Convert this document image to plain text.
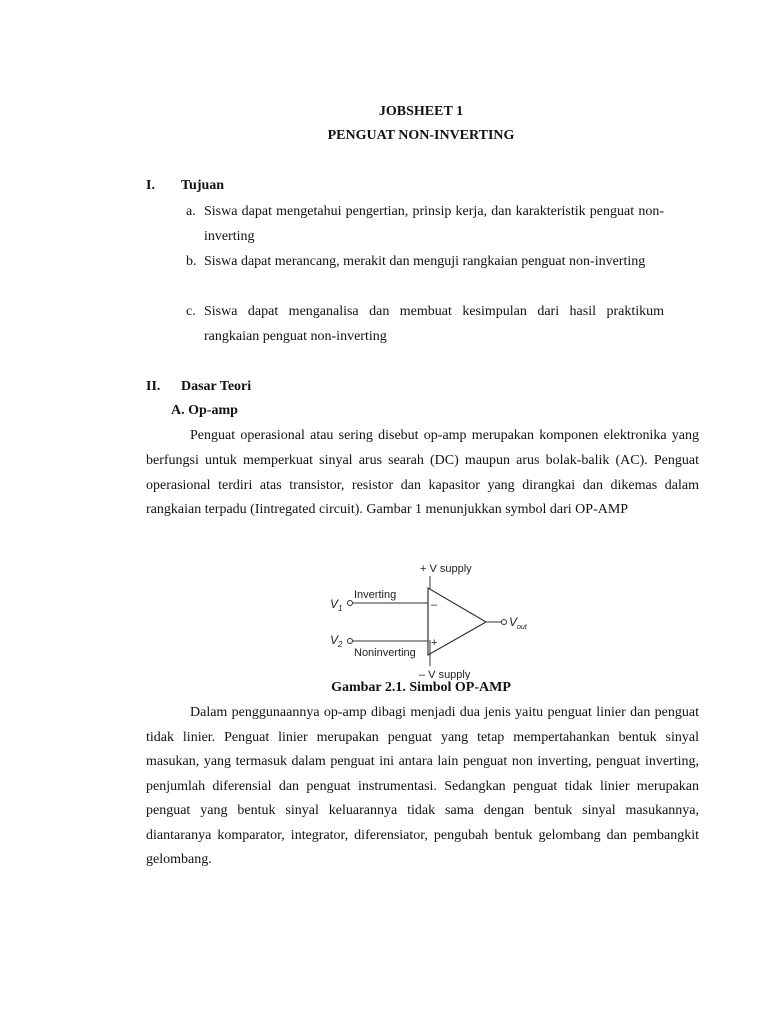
JOBSHEET 1
PENGUAT NON-INVERTING
I. Tujuan
a. Siswa dapat mengetahui pengertian, prinsip kerja, dan karakteristik penguat non-inverting
b. Siswa dapat merancang, merakit dan menguji rangkaian penguat non-inverting
c. Siswa dapat menganalisa dan membuat kesimpulan dari hasil praktikum rangkaian penguat non-inverting
II. Dasar Teori
A. Op-amp
Penguat operasional atau sering disebut op-amp merupakan komponen elektronika yang berfungsi untuk memperkuat sinyal arus searah (DC) maupun arus bolak-balik (AC). Penguat operasional terdiri atas transistor, resistor dan kapasitor yang dirangkai dan dikemas dalam rangkaian terpadu (Iintregated circuit). Gambar 1 menunjukkan symbol dari OP-AMP
+ V supply
Inverting
$V_1$
$V_2$
Noninverting
–
+
$V_{out}$
– V supply
Gambar 2.1. Simbol OP-AMP
Dalam penggunaannya op-amp dibagi menjadi dua jenis yaitu penguat linier dan penguat tidak linier. Penguat linier merupakan penguat yang tetap mempertahankan bentuk sinyal masukan, yang termasuk dalam penguat ini antara lain penguat non inverting, penguat inverting, penjumlah diferensial dan penguat instrumentasi. Sedangkan penguat tidak linier merupakan penguat yang bentuk sinyal keluarannya tidak sama dengan bentuk sinyal masukannya, diantaranya komparator, integrator, diferensiator, pengubah bentuk gelombang dan pembangkit gelombang.
